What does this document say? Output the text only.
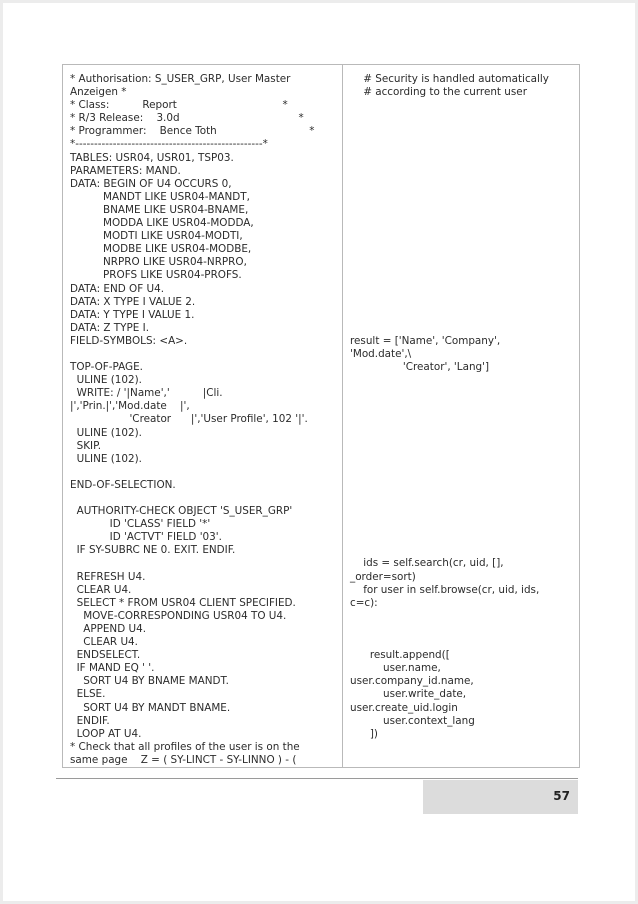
* Authorisation: S_USER_GRP, User Master

Anzeigen *

* Class:          Report                                *

* R/3 Release:    3.0d                                    *

* Programmer:    Bence Toth                            *

*--------------------------------------------------*

TABLES: USR04, USR01, TSP03.

PARAMETERS: MAND.

DATA: BEGIN OF U4 OCCURS 0,

MANDT LIKE USR04-MANDT,

BNAME LIKE USR04-BNAME,

MODDA LIKE USR04-MODDA,

MODTI LIKE USR04-MODTI,

MODBE LIKE USR04-MODBE,

NRPRO LIKE USR04-NRPRO,

PROFS LIKE USR04-PROFS.

DATA: END OF U4.

DATA: X TYPE I VALUE 2.

DATA: Y TYPE I VALUE 1.

DATA: Z TYPE I.

FIELD-SYMBOLS: <A>.

TOP-OF-PAGE.

ULINE (102).

WRITE: / '|Name','          |Cli.

|','Prin.|','Mod.date    |',

'Creator      |','User Profile', 102 '|'.

ULINE (102).

SKIP.

ULINE (102).

END-OF-SELECTION.

AUTHORITY-CHECK OBJECT 'S_USER_GRP'

ID 'CLASS' FIELD '*'

ID 'ACTVT' FIELD '03'.

IF SY-SUBRC NE 0. EXIT. ENDIF.

REFRESH U4.

CLEAR U4.

SELECT * FROM USR04 CLIENT SPECIFIED.

MOVE-CORRESPONDING USR04 TO U4.

APPEND U4.

CLEAR U4.

ENDSELECT.

IF MAND EQ ' '.

SORT U4 BY BNAME MANDT.

ELSE.

SORT U4 BY MANDT BNAME.

ENDIF.

LOOP AT U4.

* Check that all profiles of the user is on the

same page    Z = ( SY-LINCT - SY-LINNO ) - (

# Security is handled automatically

# according to the current user

result = ['Name', 'Company',

'Mod.date',\

'Creator', 'Lang']

ids = self.search(cr, uid, [],

_order=sort)

for user in self.browse(cr, uid, ids,

c=c):

result.append([

user.name,

user.company_id.name,

user.write_date,

user.create_uid.login

user.context_lang

])

57
